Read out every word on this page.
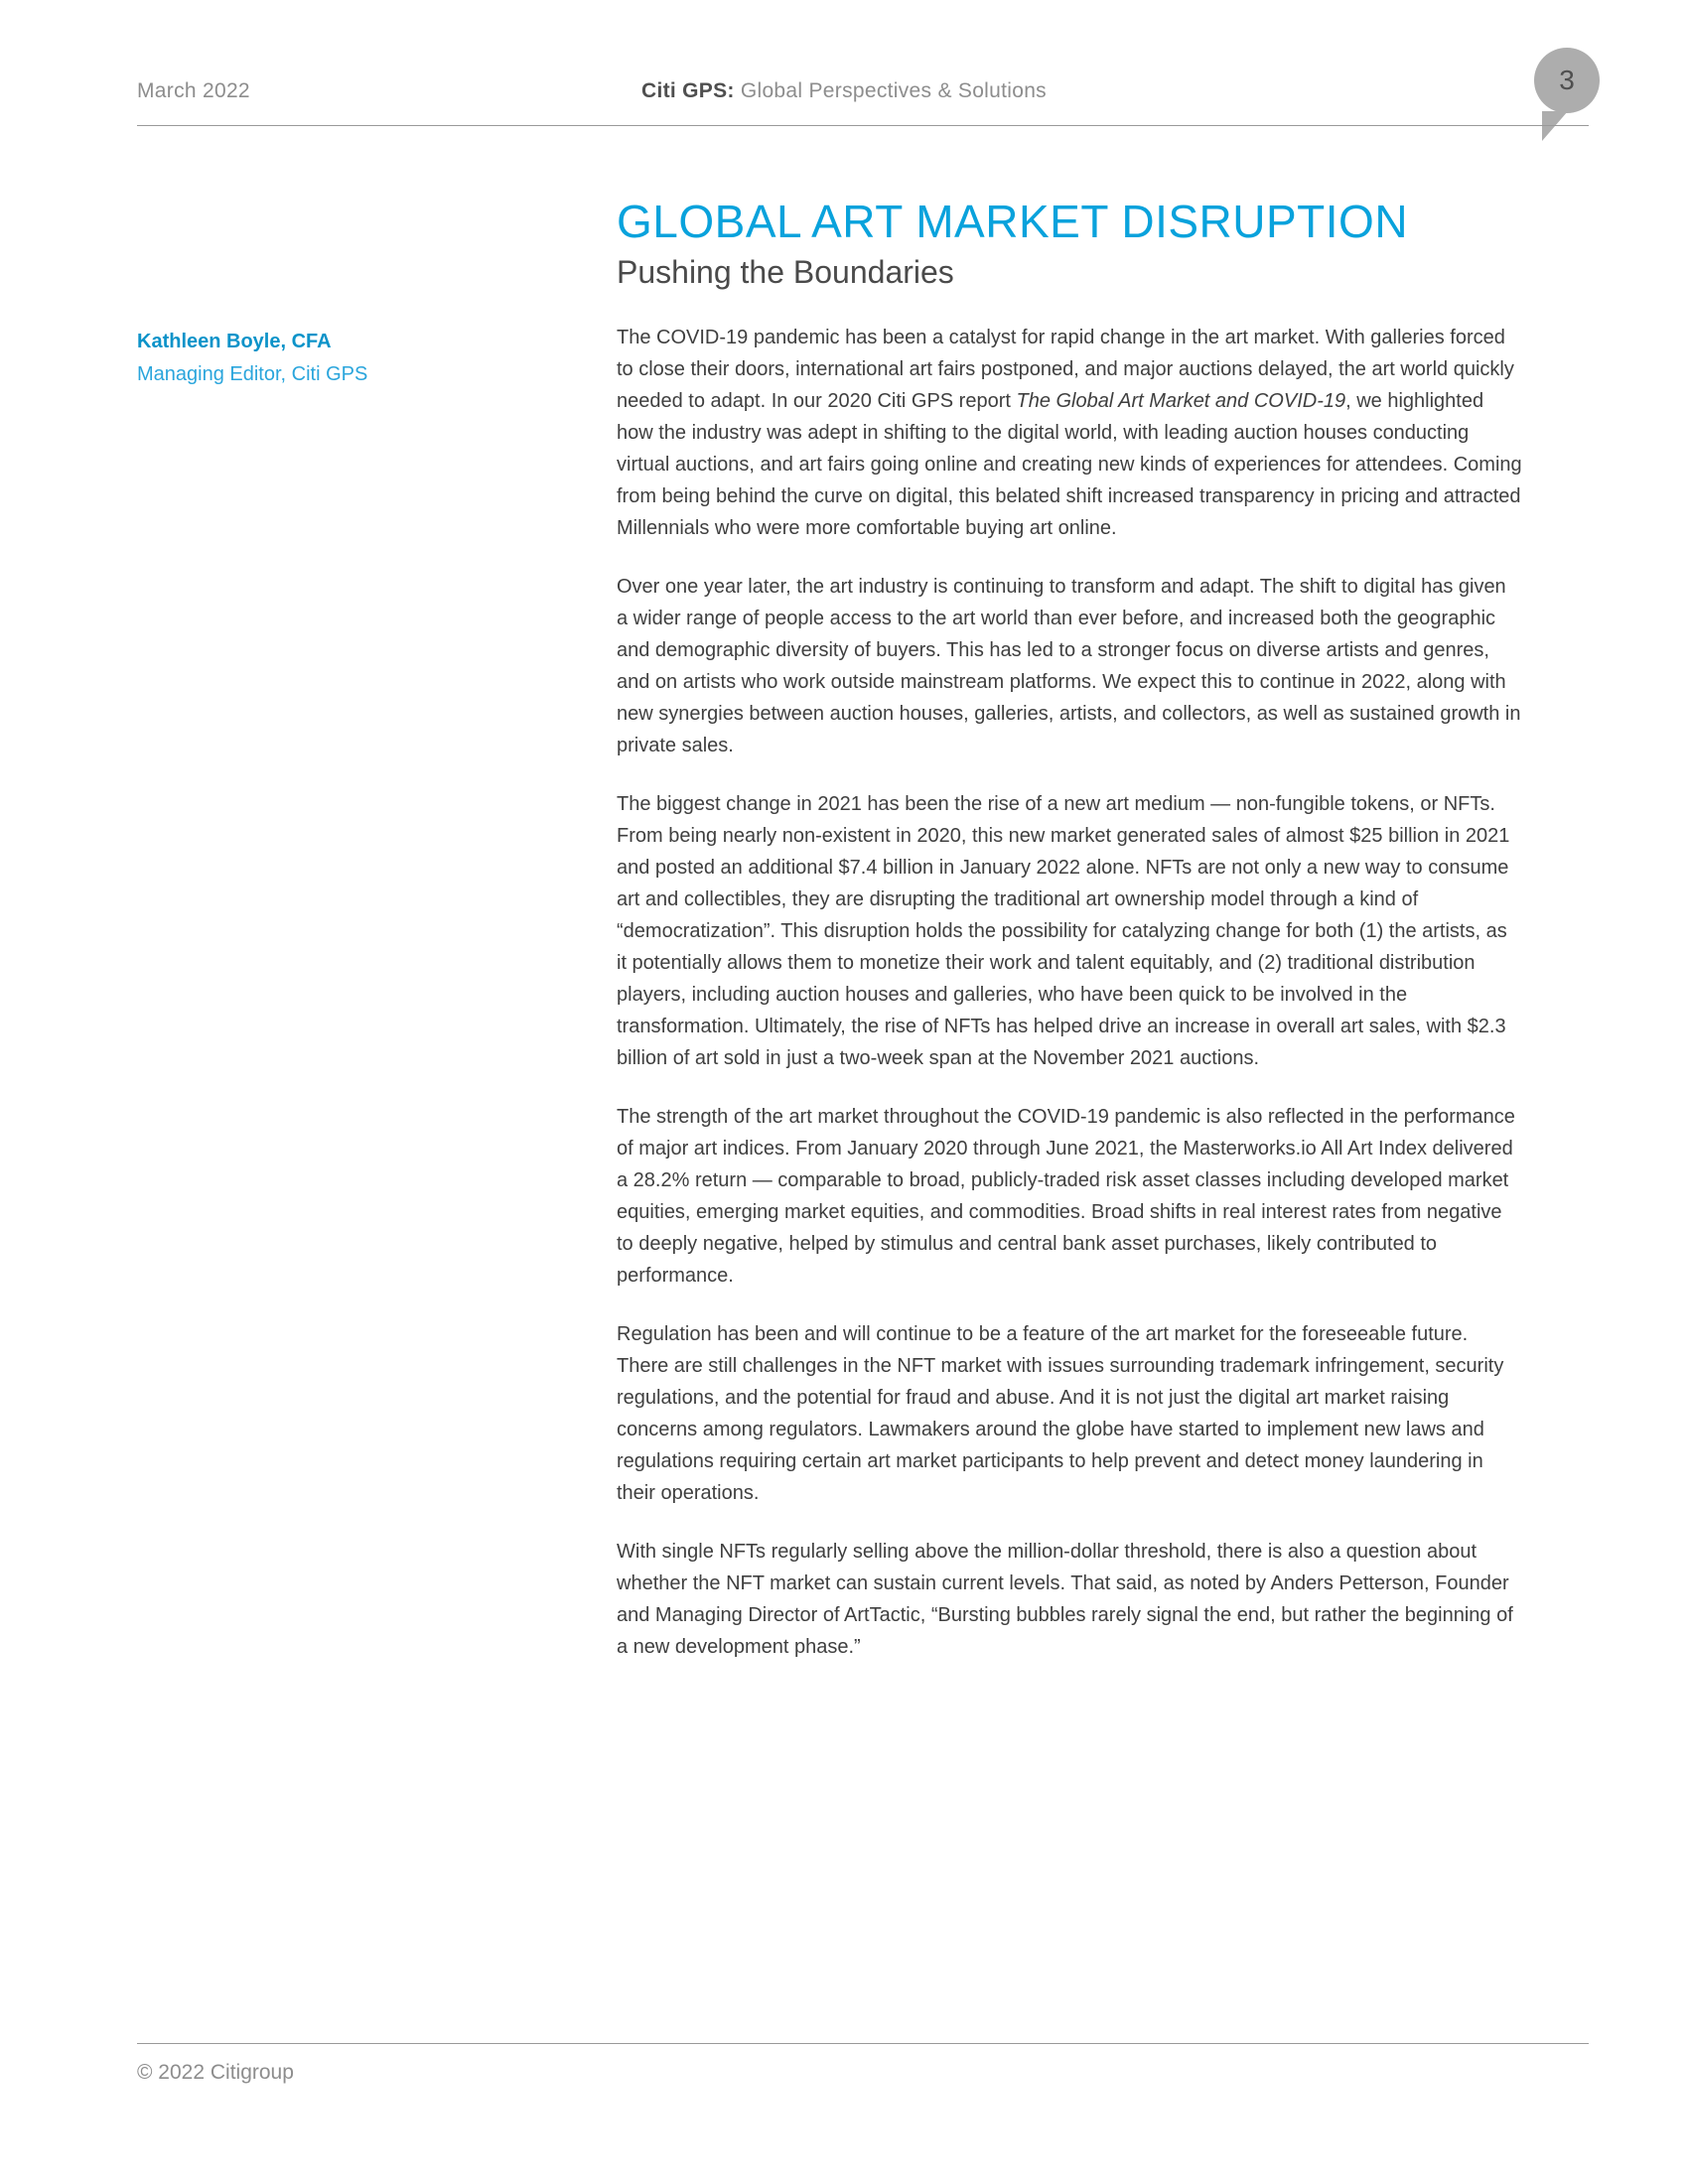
March 2022	Citi GPS: Global Perspectives & Solutions	3
GLOBAL ART MARKET DISRUPTION
Pushing the Boundaries
Kathleen Boyle, CFA
Managing Editor, Citi GPS

The COVID-19 pandemic has been a catalyst for rapid change in the art market. With galleries forced to close their doors, international art fairs postponed, and major auctions delayed, the art world quickly needed to adapt. In our 2020 Citi GPS report The Global Art Market and COVID-19, we highlighted how the industry was adept in shifting to the digital world, with leading auction houses conducting virtual auctions, and art fairs going online and creating new kinds of experiences for attendees. Coming from being behind the curve on digital, this belated shift increased transparency in pricing and attracted Millennials who were more comfortable buying art online.

Over one year later, the art industry is continuing to transform and adapt. The shift to digital has given a wider range of people access to the art world than ever before, and increased both the geographic and demographic diversity of buyers. This has led to a stronger focus on diverse artists and genres, and on artists who work outside mainstream platforms. We expect this to continue in 2022, along with new synergies between auction houses, galleries, artists, and collectors, as well as sustained growth in private sales.

The biggest change in 2021 has been the rise of a new art medium — non-fungible tokens, or NFTs. From being nearly non-existent in 2020, this new market generated sales of almost $25 billion in 2021 and posted an additional $7.4 billion in January 2022 alone. NFTs are not only a new way to consume art and collectibles, they are disrupting the traditional art ownership model through a kind of “democratization”. This disruption holds the possibility for catalyzing change for both (1) the artists, as it potentially allows them to monetize their work and talent equitably, and (2) traditional distribution players, including auction houses and galleries, who have been quick to be involved in the transformation. Ultimately, the rise of NFTs has helped drive an increase in overall art sales, with $2.3 billion of art sold in just a two-week span at the November 2021 auctions.

The strength of the art market throughout the COVID-19 pandemic is also reflected in the performance of major art indices. From January 2020 through June 2021, the Masterworks.io All Art Index delivered a 28.2% return — comparable to broad, publicly-traded risk asset classes including developed market equities, emerging market equities, and commodities. Broad shifts in real interest rates from negative to deeply negative, helped by stimulus and central bank asset purchases, likely contributed to performance.

Regulation has been and will continue to be a feature of the art market for the foreseeable future. There are still challenges in the NFT market with issues surrounding trademark infringement, security regulations, and the potential for fraud and abuse. And it is not just the digital art market raising concerns among regulators. Lawmakers around the globe have started to implement new laws and regulations requiring certain art market participants to help prevent and detect money laundering in their operations.

With single NFTs regularly selling above the million-dollar threshold, there is also a question about whether the NFT market can sustain current levels. That said, as noted by Anders Petterson, Founder and Managing Director of ArtTactic, “Bursting bubbles rarely signal the end, but rather the beginning of a new development phase.”

© 2022 Citigroup
